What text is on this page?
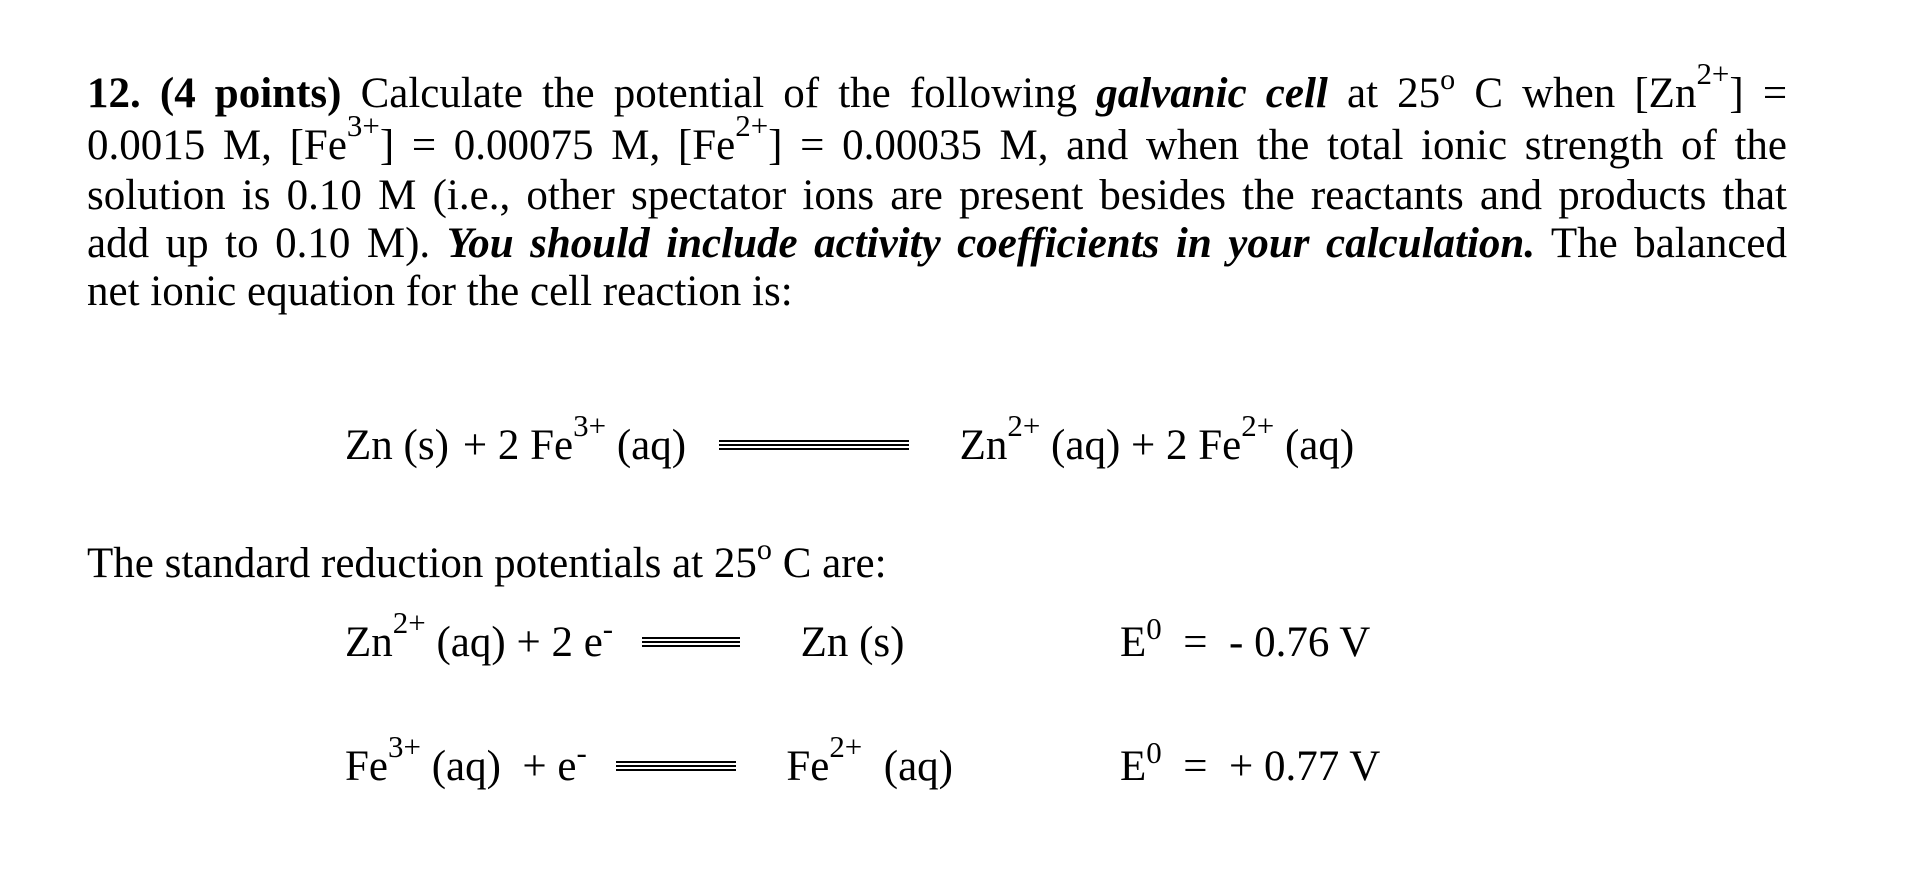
12. (4 points) Calculate the potential of the following galvanic cell at 25$^o$ C when $[Zn^{2+}]$ =
0.0015 M, $[Fe^{3+}] = 0.00075$ M, $[Fe^{2+}] = 0.00035$ M, and when the total ionic strength of the
solution is 0.10 M (i.e., other spectator ions are present besides the reactants and products that
add up to 0.10 M). You should include activity coefficients in your calculation. The balanced
net ionic equation for the cell reaction is:
Zn (s) + 2 $Fe^{3+}$ (aq)	$Zn^{2+}$ (aq) + 2 $Fe^{2+}$ (aq)
The standard reduction potentials at 25$^o$ C are:
$Zn^{2+}$ (aq) + 2 e-	Zn (s)	$E^0$ =  - 0.76 V
$Fe^{3+}$ (aq)  + e-	$Fe^{2+}$ (aq)	$E^0$ =  + 0.77 V
